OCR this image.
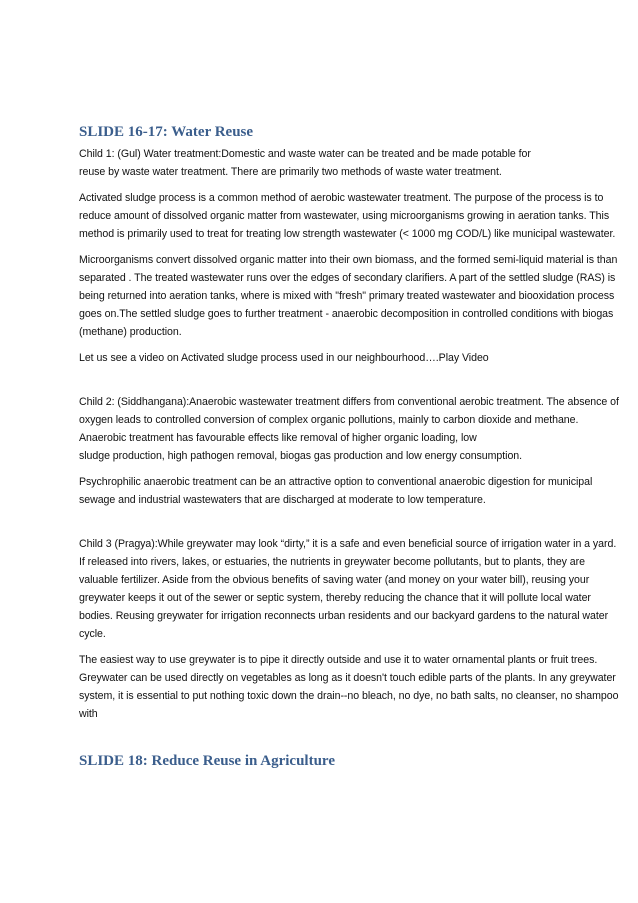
SLIDE 16-17: Water Reuse

Child 1: (Gul) Water treatment:Domestic and waste water can be treated and be made potable for
reuse by waste water treatment. There are primarily two methods of waste water treatment.

Activated sludge process is a common method of aerobic wastewater treatment. The purpose of the process is to reduce amount of dissolved organic matter from wastewater, using microorganisms growing in aeration tanks. This method is primarily used to treat for treating low strength wastewater (< 1000 mg COD/L) like municipal wastewater.

Microorganisms convert dissolved organic matter into their own biomass, and the formed semi-liquid material is than separated . The treated wastewater runs over the edges of secondary clarifiers. A part of the settled sludge (RAS) is being returned into aeration tanks, where is mixed with "fresh" primary treated wastewater and biooxidation process goes on.The settled sludge goes to further treatment - anaerobic decomposition in controlled conditions with biogas (methane) production.

Let us see a video on Activated sludge process used in our neighbourhood….Play Video

Child 2: (Siddhangana):Anaerobic wastewater treatment differs from conventional aerobic treatment. The absence of oxygen leads to controlled conversion of complex organic pollutions, mainly to carbon dioxide and methane. Anaerobic treatment has favourable effects like removal of higher organic loading, low
sludge production, high pathogen removal, biogas gas production and low energy consumption.

Psychrophilic anaerobic treatment can be an attractive option to conventional anaerobic digestion for municipal sewage and industrial wastewaters that are discharged at moderate to low temperature.

Child 3 (Pragya):While greywater may look “dirty,” it is a safe and even beneficial source of irrigation water in a yard. If released into rivers, lakes, or estuaries, the nutrients in greywater become pollutants, but to plants, they are valuable fertilizer. Aside from the obvious benefits of saving water (and money on your water bill), reusing your greywater keeps it out of the sewer or septic system, thereby reducing the chance that it will pollute local water bodies. Reusing greywater for irrigation reconnects urban residents and our backyard gardens to the natural water cycle.

The easiest way to use greywater is to pipe it directly outside and use it to water ornamental plants or fruit trees. Greywater can be used directly on vegetables as long as it doesn't touch edible parts of the plants. In any greywater system, it is essential to put nothing toxic down the drain--no bleach, no dye, no bath salts, no cleanser, no shampoo with

SLIDE 18: Reduce Reuse in Agriculture
